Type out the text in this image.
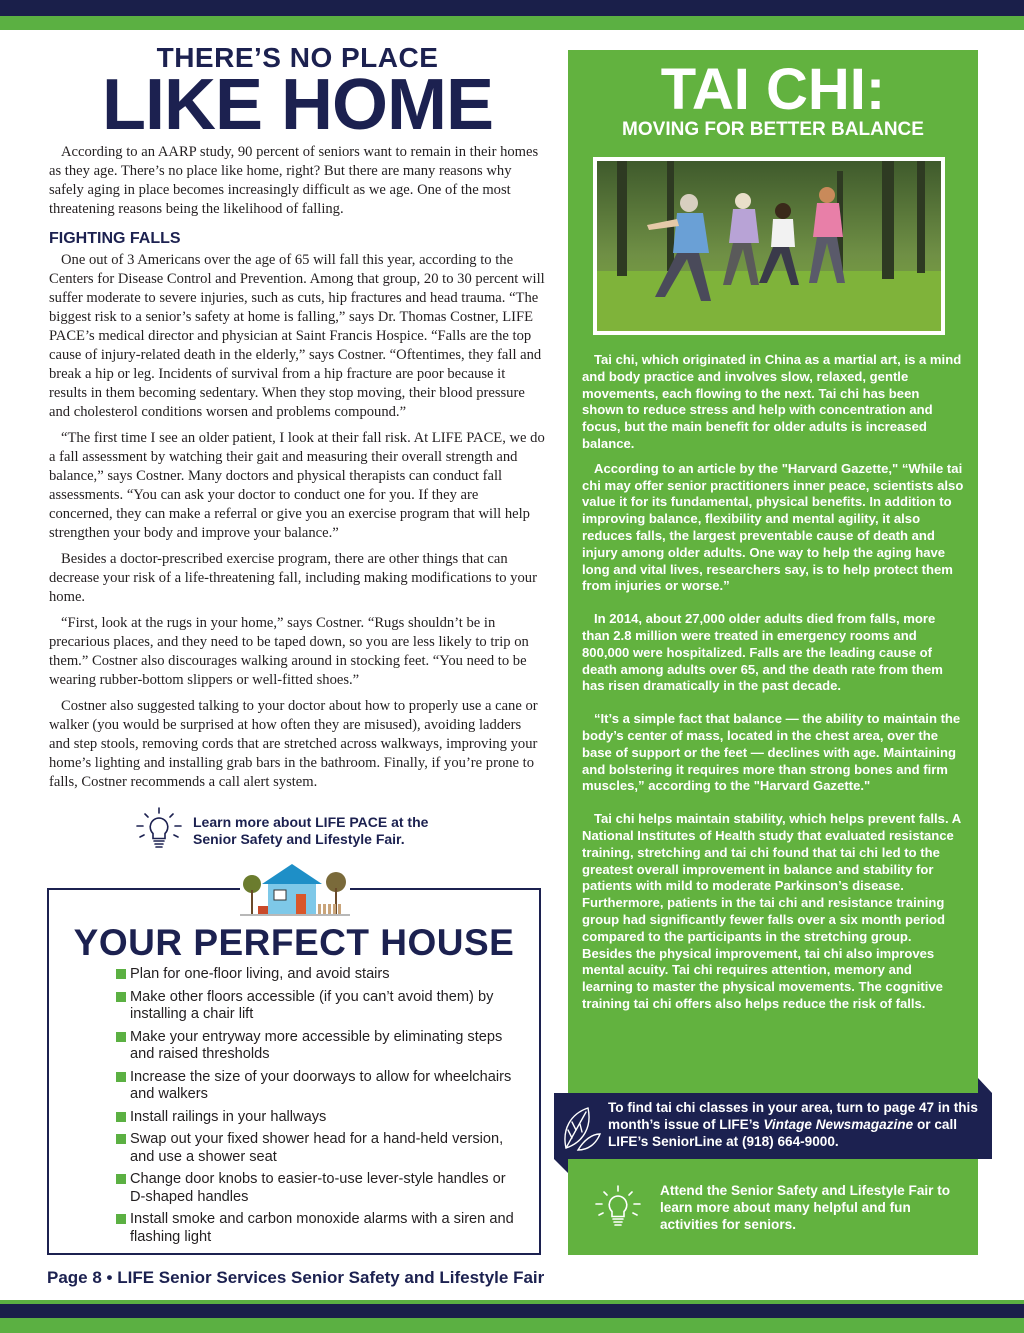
THERE’S NO PLACE
LIKE HOME

According to an AARP study, 90 percent of seniors want to remain in their homes as they age. There’s no place like home, right? But there are many reasons why safely aging in place becomes increasingly difficult as we age. One of the most threatening reasons being the likelihood of falling.

FIGHTING FALLS

One out of 3 Americans over the age of 65 will fall this year, according to the Centers for Disease Control and Prevention. Among that group, 20 to 30 percent will suffer moderate to severe injuries, such as cuts, hip fractures and head trauma. “The biggest risk to a senior’s safety at home is falling,” says Dr. Thomas Costner, LIFE PACE’s medical director and physician at Saint Francis Hospice. “Falls are the top cause of injury-related death in the elderly,” says Costner. “Oftentimes, they fall and break a hip or leg. Incidents of survival from a hip fracture are poor because it results in them becoming sedentary. When they stop moving, their blood pressure and cholesterol conditions worsen and problems compound.”

“The first time I see an older patient, I look at their fall risk. At LIFE PACE, we do a fall assessment by watching their gait and measuring their overall strength and balance,” says Costner. Many doctors and physical therapists can conduct fall assessments. “You can ask your doctor to conduct one for you. If they are concerned, they can make a referral or give you an exercise program that will help strengthen your body and improve your balance.”

Besides a doctor-prescribed exercise program, there are other things that can decrease your risk of a life-threatening fall, including making modifications to your home.

“First, look at the rugs in your home,” says Costner. “Rugs shouldn’t be in precarious places, and they need to be taped down, so you are less likely to trip on them.” Costner also discourages walking around in stocking feet. “You need to be wearing rubber-bottom slippers or well-fitted shoes.”

Costner also suggested talking to your doctor about how to properly use a cane or walker (you would be surprised at how often they are misused), avoiding ladders and step stools, removing cords that are stretched across walkways, improving your home’s lighting and installing grab bars in the bathroom. Finally, if you’re prone to falls, Costner recommends a call alert system.

Learn more about LIFE PACE at the Senior Safety and Lifestyle Fair.
YOUR PERFECT HOUSE
Plan for one-floor living, and avoid stairs
Make other floors accessible (if you can’t avoid them) by installing a chair lift
Make your entryway more accessible by eliminating steps and raised thresholds
Increase the size of your doorways to allow for wheelchairs and walkers
Install railings in your hallways
Swap out your fixed shower head for a hand-held version, and use a shower seat
Change door knobs to easier-to-use lever-style handles or D-shaped handles
Install smoke and carbon monoxide alarms with a siren and flashing light
Page 8 • LIFE Senior Services Senior Safety and Lifestyle Fair
TAI CHI:
MOVING FOR BETTER BALANCE

Tai chi, which originated in China as a martial art, is a mind and body practice and involves slow, relaxed, gentle movements, each flowing to the next. Tai chi has been shown to reduce stress and help with concentration and focus, but the main benefit for older adults is increased balance.

According to an article by the "Harvard Gazette," “While tai chi may offer senior practitioners inner peace, scientists also value it for its fundamental, physical benefits. In addition to improving balance, flexibility and mental agility, it also reduces falls, the largest preventable cause of death and injury among older adults. One way to help the aging have long and vital lives, researchers say, is to help protect them from injuries or worse.”

In 2014, about 27,000 older adults died from falls, more than 2.8 million were treated in emergency rooms and 800,000 were hospitalized. Falls are the leading cause of death among adults over 65, and the death rate from them has risen dramatically in the past decade.

“It’s a simple fact that balance — the ability to maintain the body’s center of mass, located in the chest area, over the base of support or the feet — declines with age. Maintaining and bolstering it requires more than strong bones and firm muscles,” according to the "Harvard Gazette."

Tai chi helps maintain stability, which helps prevent falls. A National Institutes of Health study that evaluated resistance training, stretching and tai chi found that tai chi led to the greatest overall improvement in balance and stability for patients with mild to moderate Parkinson’s disease. Furthermore, patients in the tai chi and resistance training group had significantly fewer falls over a six month period compared to the participants in the stretching group. Besides the physical improvement, tai chi also improves mental acuity. Tai chi requires attention, memory and learning to master the physical movements. The cognitive training tai chi offers also helps reduce the risk of falls.

To find tai chi classes in your area, turn to page 47 in this month’s issue of LIFE’s Vintage Newsmagazine or call LIFE’s SeniorLine at (918) 664-9000.
Attend the Senior Safety and Lifestyle Fair to learn more about many helpful and fun activities for seniors.
